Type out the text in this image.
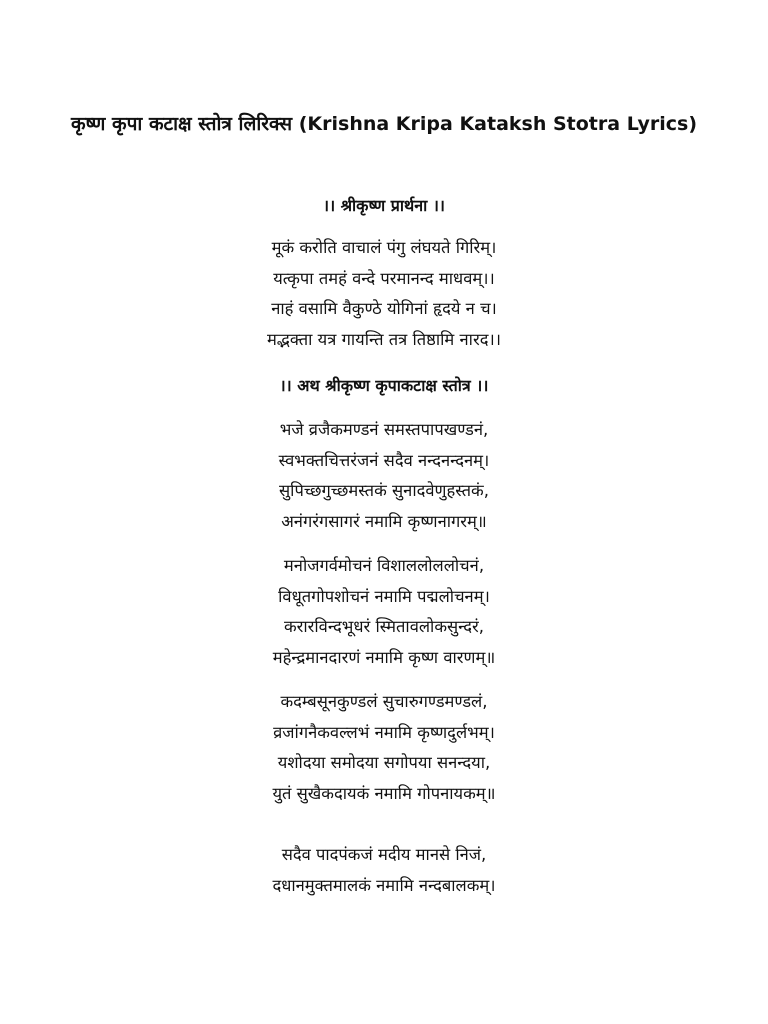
कृष्ण कृपा कटाक्ष स्तोत्र लिरिक्स (Krishna Kripa Kataksh Stotra Lyrics)

।। श्रीकृष्ण प्रार्थना ।।

मूकं करोति वाचालं पंगु लंघयते गिरिम्।
यत्कृपा तमहं वन्दे परमानन्द माधवम्।।
नाहं वसामि वैकुण्ठे योगिनां हृदये न च।
मद्भक्ता यत्र गायन्ति तत्र तिष्ठामि नारद।।

।। अथ श्रीकृष्ण कृपाकटाक्ष स्तोत्र ।।

भजे व्रजैकमण्डनं समस्तपापखण्डनं,
स्वभक्तचित्तरंजनं सदैव नन्दनन्दनम्।
सुपिच्छगुच्छमस्तकं सुनादवेणुहस्तकं,
अनंगरंगसागरं नमामि कृष्णनागरम्॥
मनोजगर्वमोचनं विशाललोललोचनं,
विधूतगोपशोचनं नमामि पद्मलोचनम्।
करारविन्दभूधरं स्मितावलोकसुन्दरं,
महेन्द्रमानदारणं नमामि कृष्ण वारणम्॥
कदम्बसूनकुण्डलं सुचारुगण्डमण्डलं,
व्रजांगनैकवल्लभं नमामि कृष्णदुर्लभम्।
यशोदया समोदया सगोपया सनन्दया,
युतं सुखैकदायकं नमामि गोपनायकम्॥
सदैव पादपंकजं मदीय मानसे निजं,
दधानमुक्तमालकं नमामि नन्दबालकम्।
